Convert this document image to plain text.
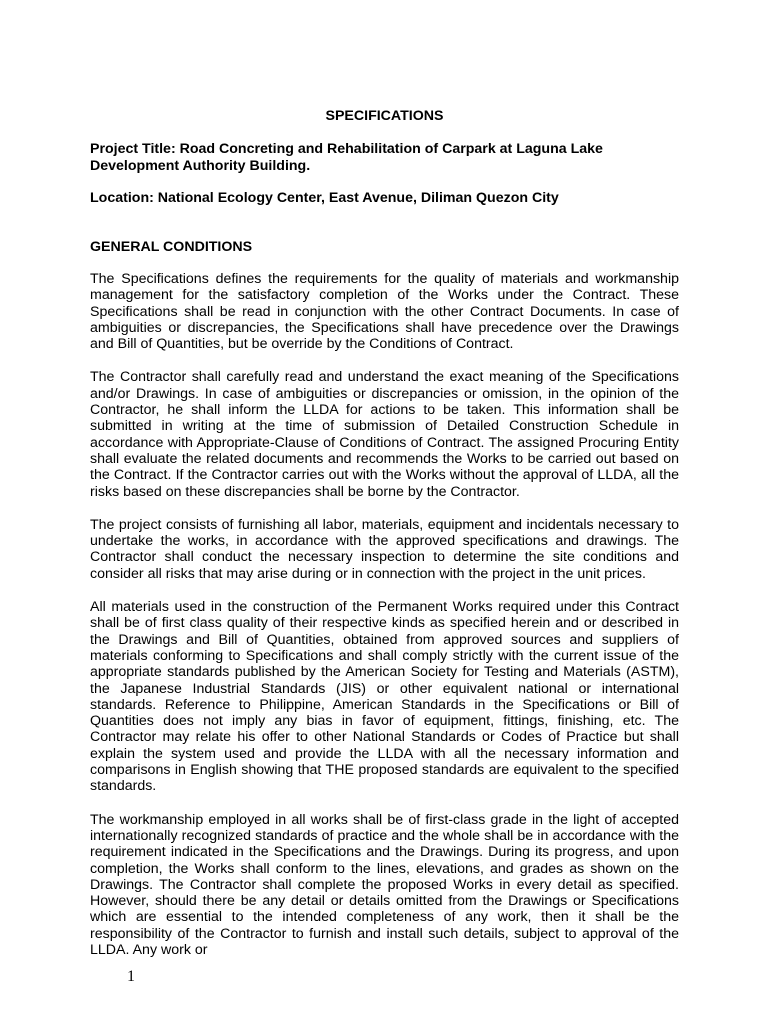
SPECIFICATIONS
Project Title: Road Concreting and Rehabilitation of Carpark at Laguna Lake Development Authority Building.
Location: National Ecology Center, East Avenue, Diliman Quezon City
GENERAL CONDITIONS

The Specifications defines the requirements for the quality of materials and workmanship management for the satisfactory completion of the Works under the Contract. These Specifications shall be read in conjunction with the other Contract Documents. In case of ambiguities or discrepancies, the Specifications shall have precedence over the Drawings and Bill of Quantities, but be override by the Conditions of Contract.

The Contractor shall carefully read and understand the exact meaning of the Specifications and/or Drawings. In case of ambiguities or discrepancies or omission, in the opinion of the Contractor, he shall inform the LLDA for actions to be taken. This information shall be submitted in writing at the time of submission of Detailed Construction Schedule in accordance with Appropriate-Clause of Conditions of Contract. The assigned Procuring Entity shall evaluate the related documents and recommends the Works to be carried out based on the Contract. If the Contractor carries out with the Works without the approval of LLDA, all the risks based on these discrepancies shall be borne by the Contractor.

The project consists of furnishing all labor, materials, equipment and incidentals necessary to undertake the works, in accordance with the approved specifications and drawings. The Contractor shall conduct the necessary inspection to determine the site conditions and consider all risks that may arise during or in connection with the project in the unit prices.

All materials used in the construction of the Permanent Works required under this Contract shall be of first class quality of their respective kinds as specified herein and or described in the Drawings and Bill of Quantities, obtained from approved sources and suppliers of materials conforming to Specifications and shall comply strictly with the current issue of the appropriate standards published by the American Society for Testing and Materials (ASTM), the Japanese Industrial Standards (JIS) or other equivalent national or international standards. Reference to Philippine, American Standards in the Specifications or Bill of Quantities does not imply any bias in favor of equipment, fittings, finishing, etc. The Contractor may relate his offer to other National Standards or Codes of Practice but shall explain the system used and provide the LLDA with all the necessary information and comparisons in English showing that THE proposed standards are equivalent to the specified standards.

The workmanship employed in all works shall be of first-class grade in the light of accepted internationally recognized standards of practice and the whole shall be in accordance with the requirement indicated in the Specifications and the Drawings. During its progress, and upon completion, the Works shall conform to the lines, elevations, and grades as shown on the Drawings. The Contractor shall complete the proposed Works in every detail as specified. However, should there be any detail or details omitted from the Drawings or Specifications which are essential to the intended completeness of any work, then it shall be the responsibility of the Contractor to furnish and install such details, subject to approval of the LLDA. Any work or

1
